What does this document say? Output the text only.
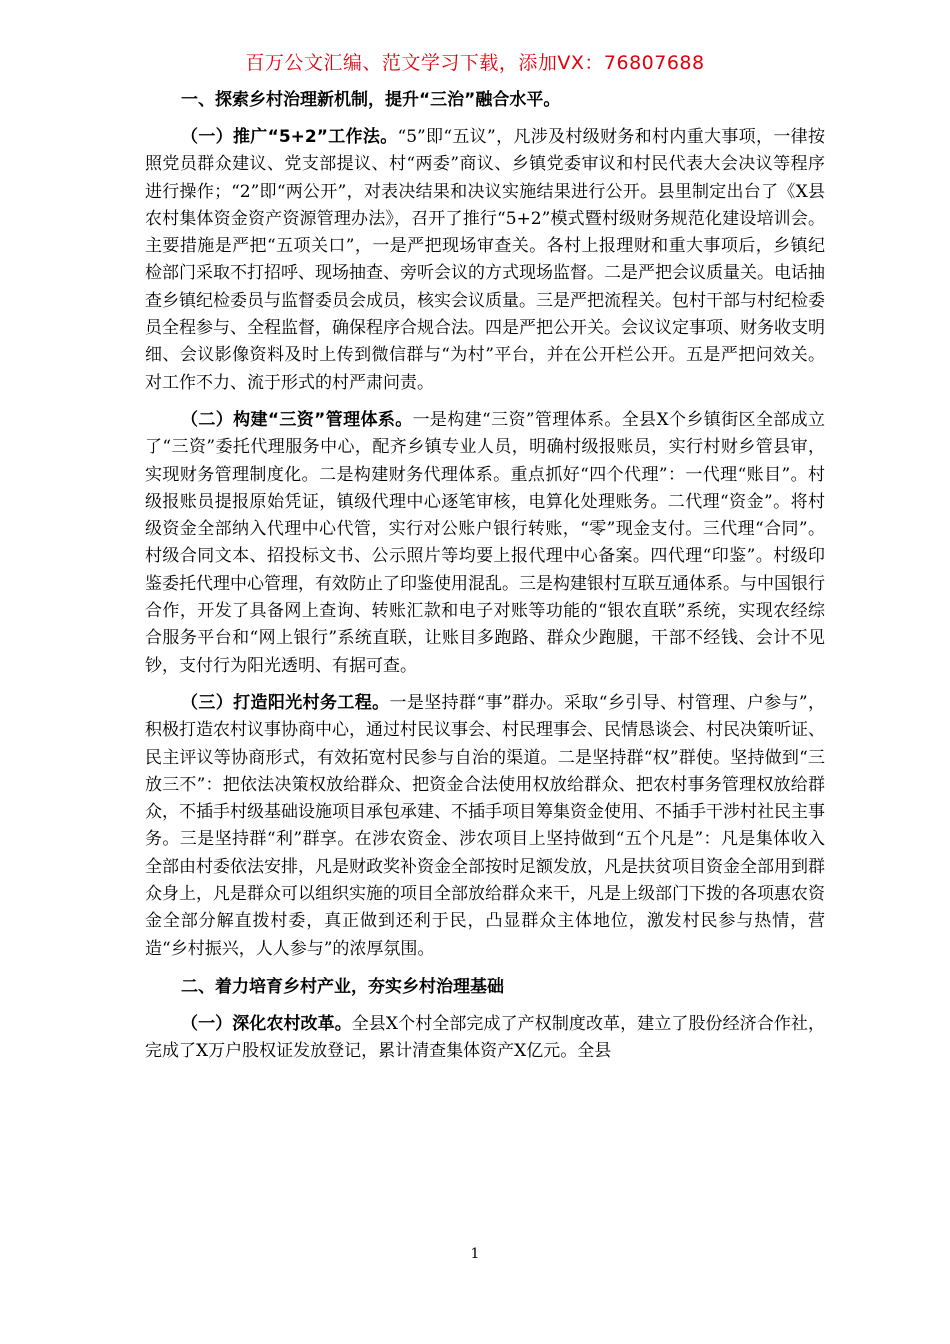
百万公文汇编、范文学习下载，添加VX：76807688
一、探索乡村治理新机制，提升“三治”融合水平。

（一）推广“5+2”工作法。“5”即“五议”，凡涉及村级财务和村内重大事项，一律按照党员群众建议、党支部提议、村“两委”商议、乡镇党委审议和村民代表大会决议等程序进行操作；“2”即“两公开”，对表决结果和决议实施结果进行公开。县里制定出台了《X县农村集体资金资产资源管理办法》，召开了推行“5+2”模式暨村级财务规范化建设培训会。主要措施是严把“五项关口”，一是严把现场审查关。各村上报理财和重大事项后，乡镇纪检部门采取不打招呼、现场抽查、旁听会议的方式现场监督。二是严把会议质量关。电话抽查乡镇纪检委员与监督委员会成员，核实会议质量。三是严把流程关。包村干部与村纪检委员全程参与、全程监督，确保程序合规合法。四是严把公开关。会议议定事项、财务收支明细、会议影像资料及时上传到微信群与“为村”平台，并在公开栏公开。五是严把问效关。对工作不力、流于形式的村严肃问责。

（二）构建“三资”管理体系。一是构建“三资”管理体系。全县X个乡镇街区全部成立了“三资”委托代理服务中心，配齐乡镇专业人员，明确村级报账员，实行村财乡管县审，实现财务管理制度化。二是构建财务代理体系。重点抓好“四个代理”：一代理“账目”。村级报账员提报原始凭证，镇级代理中心逐笔审核，电算化处理账务。二代理“资金”。将村级资金全部纳入代理中心代管，实行对公账户银行转账，“零”现金支付。三代理“合同”。村级合同文本、招投标文书、公示照片等均要上报代理中心备案。四代理“印鉴”。村级印鉴委托代理中心管理，有效防止了印鉴使用混乱。三是构建银村互联互通体系。与中国银行合作，开发了具备网上查询、转账汇款和电子对账等功能的“银农直联”系统，实现农经综合服务平台和“网上银行”系统直联，让账目多跑路、群众少跑腿，干部不经钱、会计不见钞，支付行为阳光透明、有据可查。

（三）打造阳光村务工程。一是坚持群“事”群办。采取“乡引导、村管理、户参与”，积极打造农村议事协商中心，通过村民议事会、村民理事会、民情恳谈会、村民决策听证、民主评议等协商形式，有效拓宽村民参与自治的渠道。二是坚持群“权”群使。坚持做到“三放三不”：把依法决策权放给群众、把资金合法使用权放给群众、把农村事务管理权放给群众，不插手村级基础设施项目承包承建、不插手项目筹集资金使用、不插手干涉村社民主事务。三是坚持群“利”群享。在涉农资金、涉农项目上坚持做到“五个凡是”：凡是集体收入全部由村委依法安排，凡是财政奖补资金全部按时足额发放，凡是扶贫项目资金全部用到群众身上，凡是群众可以组织实施的项目全部放给群众来干，凡是上级部门下拨的各项惠农资金全部分解直拨村委，真正做到还利于民，凸显群众主体地位，激发村民参与热情，营造“乡村振兴，人人参与”的浓厚氛围。

二、着力培育乡村产业，夯实乡村治理基础

（一）深化农村改革。全县X个村全部完成了产权制度改革，建立了股份经济合作社，完成了X万户股权证发放登记，累计清查集体资产X亿元。全县

1
